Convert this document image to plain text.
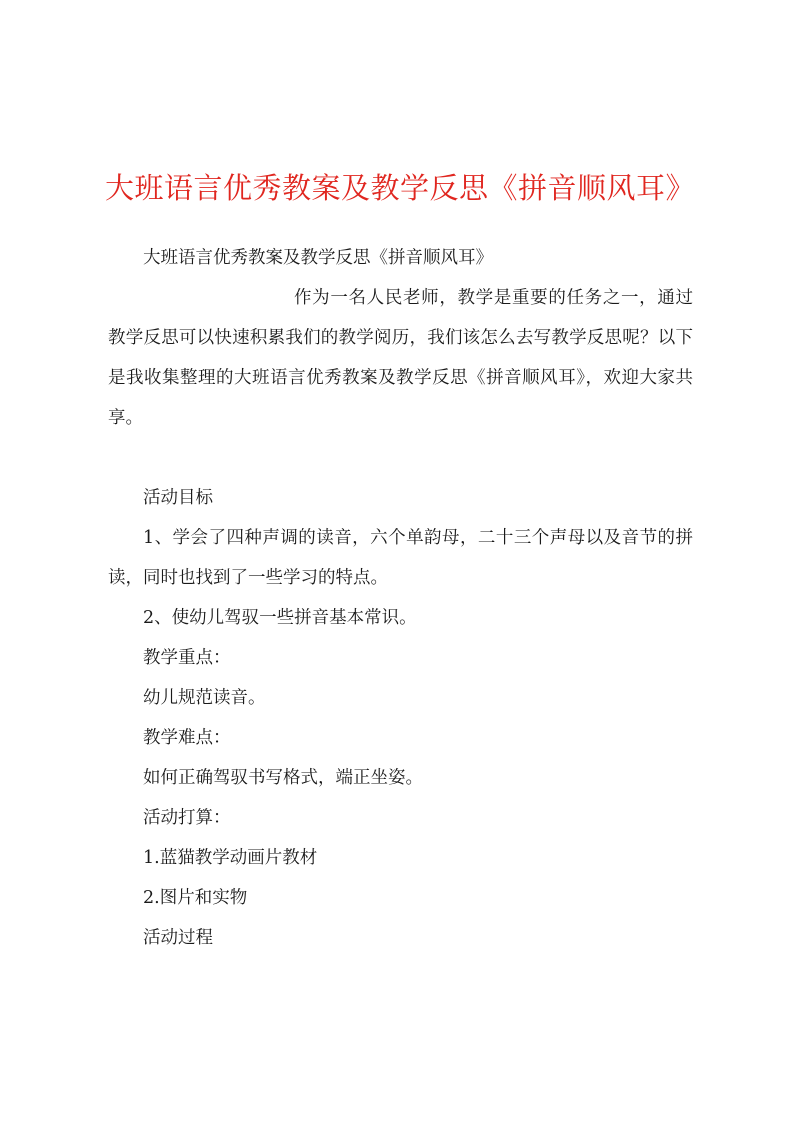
大班语言优秀教案及教学反思《拼音顺风耳》

大班语言优秀教案及教学反思《拼音顺风耳》

作为一名人民老师，教学是重要的任务之一，通过教学反思可以快速积累我们的教学阅历，我们该怎么去写教学反思呢？以下是我收集整理的大班语言优秀教案及教学反思《拼音顺风耳》，欢迎大家共享。

活动目标

1、学会了四种声调的读音，六个单韵母，二十三个声母以及音节的拼读，同时也找到了一些学习的特点。

2、使幼儿驾驭一些拼音基本常识。

教学重点：

幼儿规范读音。

教学难点：

如何正确驾驭书写格式，端正坐姿。

活动打算：

1.蓝猫教学动画片教材

2.图片和实物

活动过程
